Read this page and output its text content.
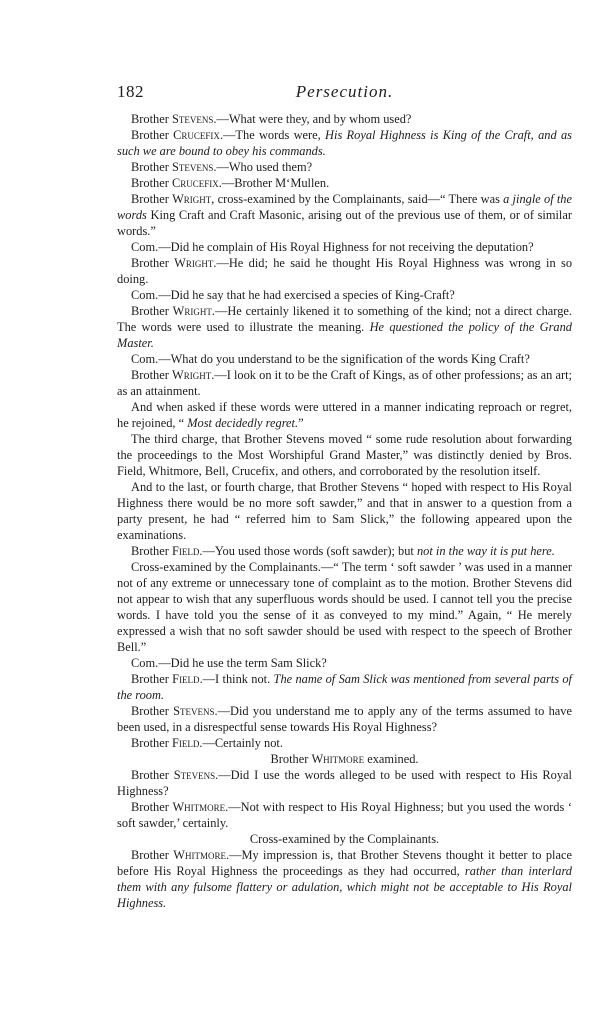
182	Persecution.

Brother Stevens.—What were they, and by whom used?

Brother Crucefix.—The words were, His Royal Highness is King of the Craft, and as such we are bound to obey his commands.

Brother Stevens.—Who used them?

Brother Crucefix.—Brother M‘Mullen.

Brother Wright, cross-examined by the Complainants, said—“ There was a jingle of the words King Craft and Craft Masonic, arising out of the previous use of them, or of similar words.”

Com.—Did he complain of His Royal Highness for not receiving the deputation?

Brother Wright.—He did; he said he thought His Royal Highness was wrong in so doing.

Com.—Did he say that he had exercised a species of King-Craft?

Brother Wright.—He certainly likened it to something of the kind; not a direct charge. The words were used to illustrate the meaning. He questioned the policy of the Grand Master.

Com.—What do you understand to be the signification of the words King Craft?

Brother Wright.—I look on it to be the Craft of Kings, as of other professions; as an art; as an attainment.

And when asked if these words were uttered in a manner indicating reproach or regret, he rejoined, “ Most decidedly regret.”

The third charge, that Brother Stevens moved “ some rude resolution about forwarding the proceedings to the Most Worshipful Grand Master,” was distinctly denied by Bros. Field, Whitmore, Bell, Crucefix, and others, and corroborated by the resolution itself.

And to the last, or fourth charge, that Brother Stevens “ hoped with respect to His Royal Highness there would be no more soft sawder,” and that in answer to a question from a party present, he had “ referred him to Sam Slick,” the following appeared upon the examinations.

Brother Field.—You used those words (soft sawder); but not in the way it is put here.

Cross-examined by the Complainants.—“ The term ‘ soft sawder ’ was used in a manner not of any extreme or unnecessary tone of complaint as to the motion. Brother Stevens did not appear to wish that any superfluous words should be used. I cannot tell you the precise words. I have told you the sense of it as conveyed to my mind.” Again, “ He merely expressed a wish that no soft sawder should be used with respect to the speech of Brother Bell.”

Com.—Did he use the term Sam Slick?

Brother Field.—I think not. The name of Sam Slick was mentioned from several parts of the room.

Brother Stevens.—Did you understand me to apply any of the terms assumed to have been used, in a disrespectful sense towards His Royal Highness?

Brother Field.—Certainly not.

Brother Whitmore examined.

Brother Stevens.—Did I use the words alleged to be used with respect to His Royal Highness?

Brother Whitmore.—Not with respect to His Royal Highness; but you used the words ‘ soft sawder,’ certainly.

Cross-examined by the Complainants.

Brother Whitmore.—My impression is, that Brother Stevens thought it better to place before His Royal Highness the proceedings as they had occurred, rather than interlard them with any fulsome flattery or adulation, which might not be acceptable to His Royal Highness.
